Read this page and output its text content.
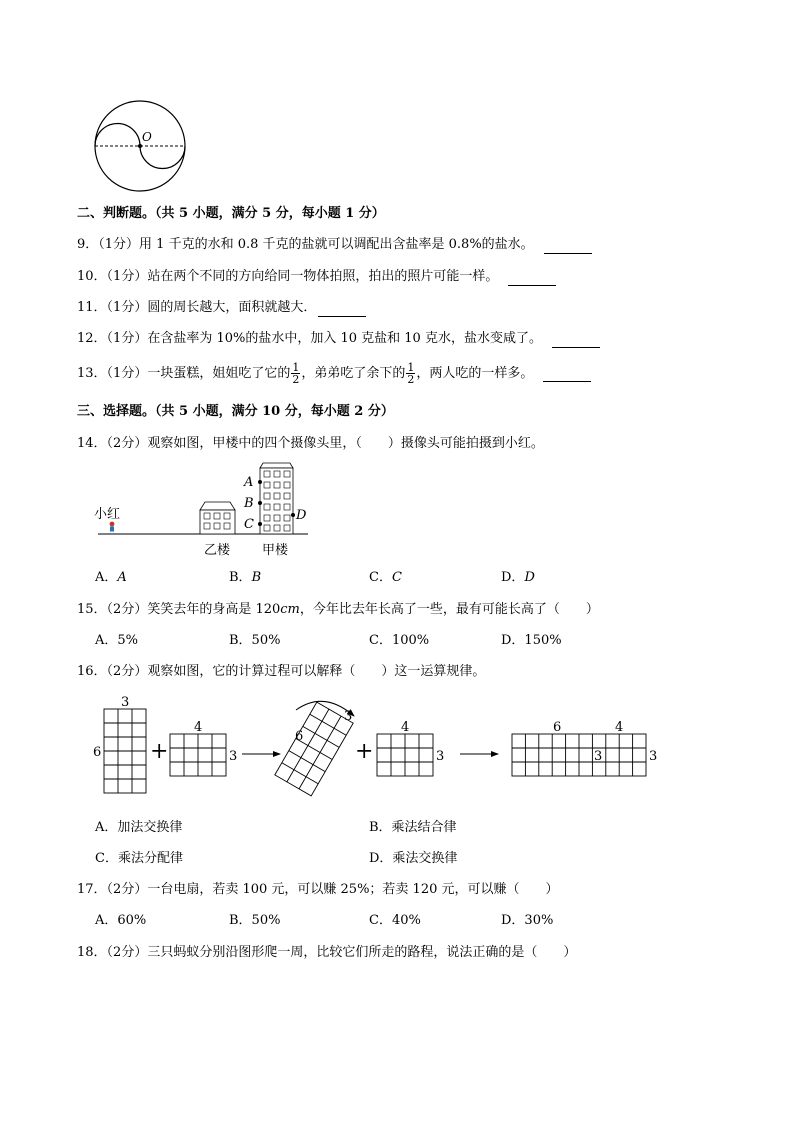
O
二、判断题。（共 5 小题，满分 5 分，每小题 1 分）
9．（1分）用 1 千克的水和 0.8 千克的盐就可以调配出含盐率是 0.8%的盐水。
10．（1分）站在两个不同的方向给同一物体拍照，拍出的照片可能一样。
11．（1分）圆的周长越大，面积就越大．
12．（1分）在含盐率为 10%的盐水中，加入 10 克盐和 10 克水，盐水变咸了。
13．（1分）一块蛋糕，姐姐吃了它的 $\frac{1}{2}$ ，弟弟吃了余下的 $\frac{1}{2}$ ，两人吃的一样多。
三、选择题。（共 5 小题，满分 10 分，每小题 2 分）
14．（2分）观察如图，甲楼中的四个摄像头里，（　　）摄像头可能拍摄到小红。
小红
A
B
C
D
乙楼 甲楼
A．A	B．B	C．C	D．D
15．（2分）笑笑去年的身高是 120cm，今年比去年长高了一些，最有可能长高了（　　）
A．5%	B．50%	C．100%	D．150%
16．（2分）观察如图，它的计算过程可以解释（　　）这一运算规律。
3
6 +
4
3
6
3
+
4
3
6	4
3	3
A．加法交换律	B．乘法结合律
C．乘法分配律	D．乘法交换律
17．（2分）一台电扇，若卖 100 元，可以赚 25%；若卖 120 元，可以赚（　　）
A．60%	B．50%	C．40%	D．30%
18．（2分）三只蚂蚁分别沿图形爬一周，比较它们所走的路程，说法正确的是（　　）
